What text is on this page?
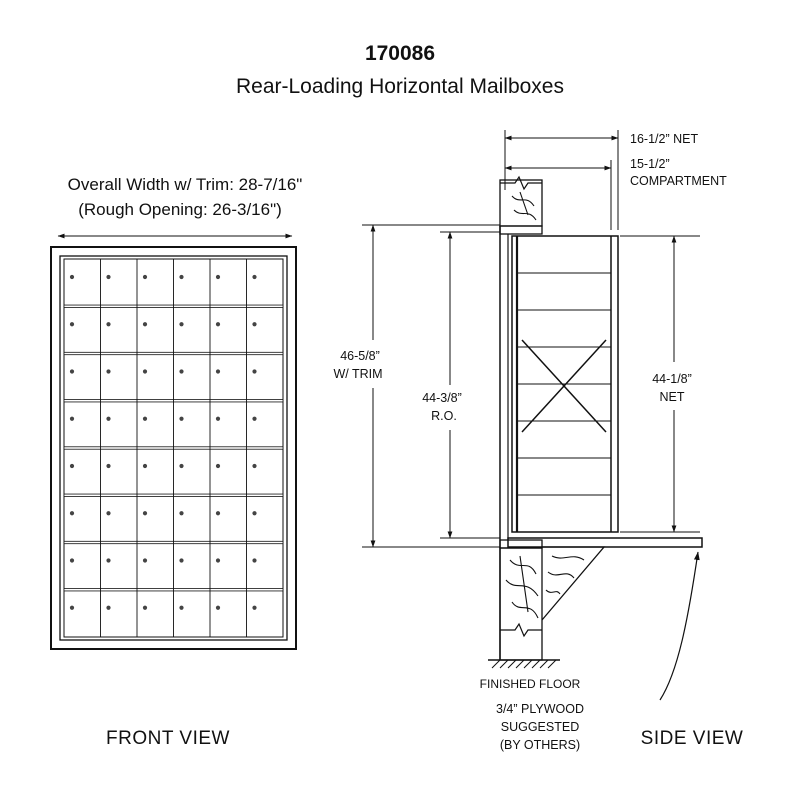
170086
Rear-Loading Horizontal Mailboxes
Overall Width w/ Trim: 28-7/16"
(Rough Opening: 26-3/16")
FRONT VIEW
16-1/2” NET
15-1/2”
COMPARTMENT
46-5/8”
W/ TRIM
44-3/8”
R.O.
44-1/8”
NET
FINISHED FLOOR
3/4” PLYWOOD
SUGGESTED
(BY OTHERS)	SIDE VIEW
